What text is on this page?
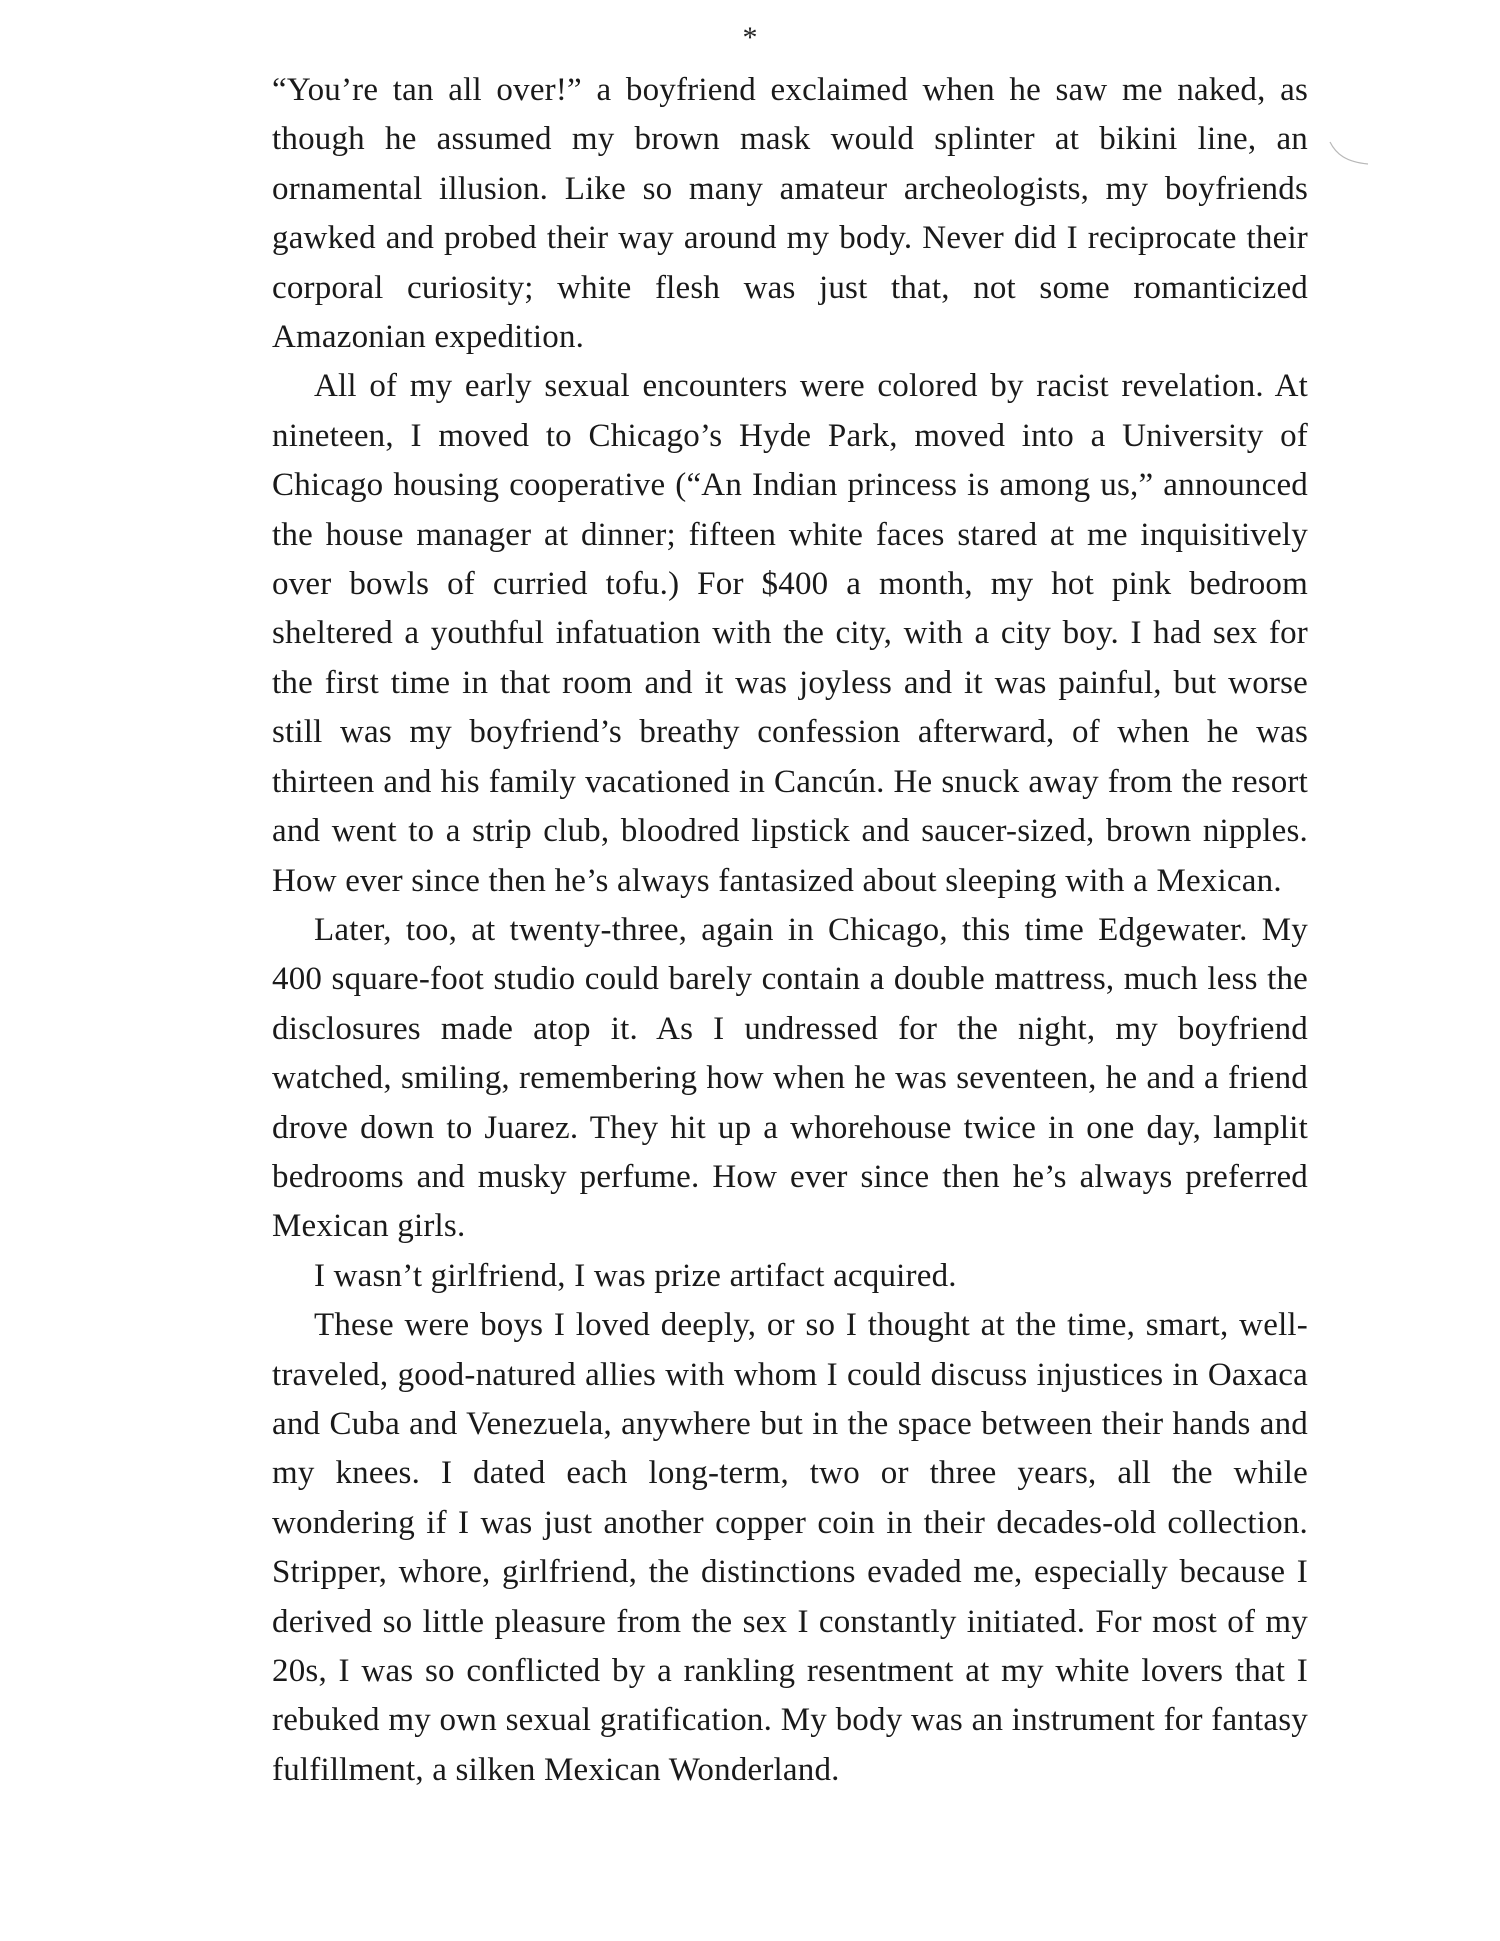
*

“You’re tan all over!” a boyfriend exclaimed when he saw me naked, as though he assumed my brown mask would splinter at bikini line, an ornamental illusion. Like so many amateur archeologists, my boyfriends gawked and probed their way around my body. Never did I reciprocate their corporal curiosity; white flesh was just that, not some romanticized Amazonian expedition.

All of my early sexual encounters were colored by racist revelation. At nineteen, I moved to Chicago’s Hyde Park, moved into a University of Chicago housing cooperative (“An Indian princess is among us,” announced the house manager at dinner; fifteen white faces stared at me inquisitively over bowls of curried tofu.) For $400 a month, my hot pink bedroom sheltered a youthful infatuation with the city, with a city boy. I had sex for the first time in that room and it was joyless and it was painful, but worse still was my boyfriend’s breathy confession afterward, of when he was thirteen and his family vacationed in Cancún. He snuck away from the resort and went to a strip club, bloodred lipstick and saucer-sized, brown nipples. How ever since then he’s always fantasized about sleeping with a Mexican.

Later, too, at twenty-three, again in Chicago, this time Edgewater. My 400 square-foot studio could barely contain a double mattress, much less the disclosures made atop it. As I undressed for the night, my boyfriend watched, smiling, remembering how when he was seventeen, he and a friend drove down to Juarez. They hit up a whorehouse twice in one day, lamplit bedrooms and musky perfume. How ever since then he’s always preferred Mexican girls.

I wasn’t girlfriend, I was prize artifact acquired.

These were boys I loved deeply, or so I thought at the time, smart, well-traveled, good-natured allies with whom I could discuss injustices in Oaxaca and Cuba and Venezuela, anywhere but in the space between their hands and my knees. I dated each long-term, two or three years, all the while wondering if I was just another copper coin in their decades-old collection. Stripper, whore, girlfriend, the distinctions evaded me, especially because I derived so little pleasure from the sex I constantly initiated. For most of my 20s, I was so conflicted by a rankling resentment at my white lovers that I rebuked my own sexual gratification. My body was an instrument for fantasy fulfillment, a silken Mexican Wonderland.
